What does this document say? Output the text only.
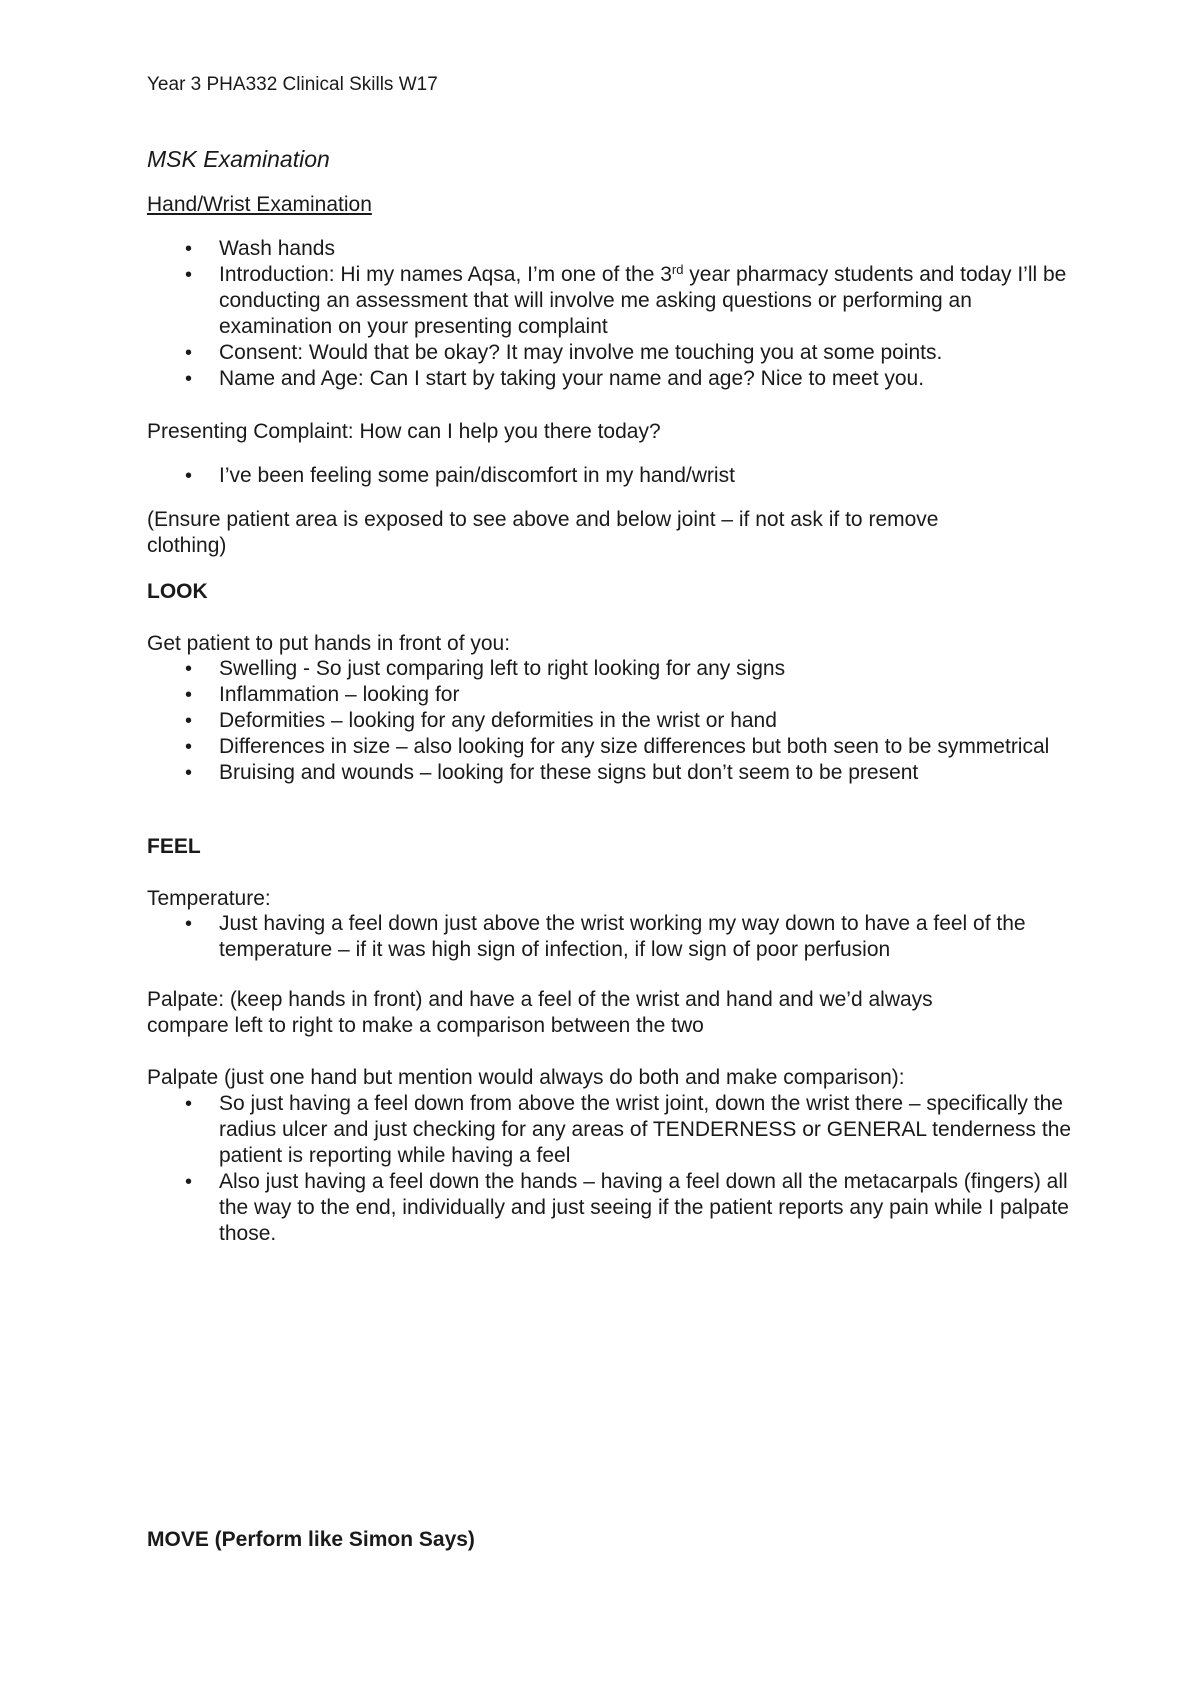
Year 3 PHA332 Clinical Skills W17

MSK Examination

Hand/Wrist Examination

• Wash hands
• Introduction: Hi my names Aqsa, I’m one of the 3rd year pharmacy students and today I’ll be conducting an assessment that will involve me asking questions or performing an examination on your presenting complaint
• Consent: Would that be okay? It may involve me touching you at some points.
• Name and Age: Can I start by taking your name and age? Nice to meet you.

Presenting Complaint: How can I help you there today?

• I’ve been feeling some pain/discomfort in my hand/wrist

(Ensure patient area is exposed to see above and below joint – if not ask if to remove clothing)

LOOK

Get patient to put hands in front of you:

• Swelling - So just comparing left to right looking for any signs
• Inflammation – looking for
• Deformities – looking for any deformities in the wrist or hand
• Differences in size – also looking for any size differences but both seen to be symmetrical
• Bruising and wounds – looking for these signs but don’t seem to be present

FEEL

Temperature:

• Just having a feel down just above the wrist working my way down to have a feel of the temperature – if it was high sign of infection, if low sign of poor perfusion

Palpate: (keep hands in front) and have a feel of the wrist and hand and we’d always compare left to right to make a comparison between the two

Palpate (just one hand but mention would always do both and make comparison):

• So just having a feel down from above the wrist joint, down the wrist there – specifically the radius ulcer and just checking for any areas of TENDERNESS or GENERAL tenderness the patient is reporting while having a feel
• Also just having a feel down the hands – having a feel down all the metacarpals (fingers) all the way to the end, individually and just seeing if the patient reports any pain while I palpate those.

MOVE (Perform like Simon Says)
